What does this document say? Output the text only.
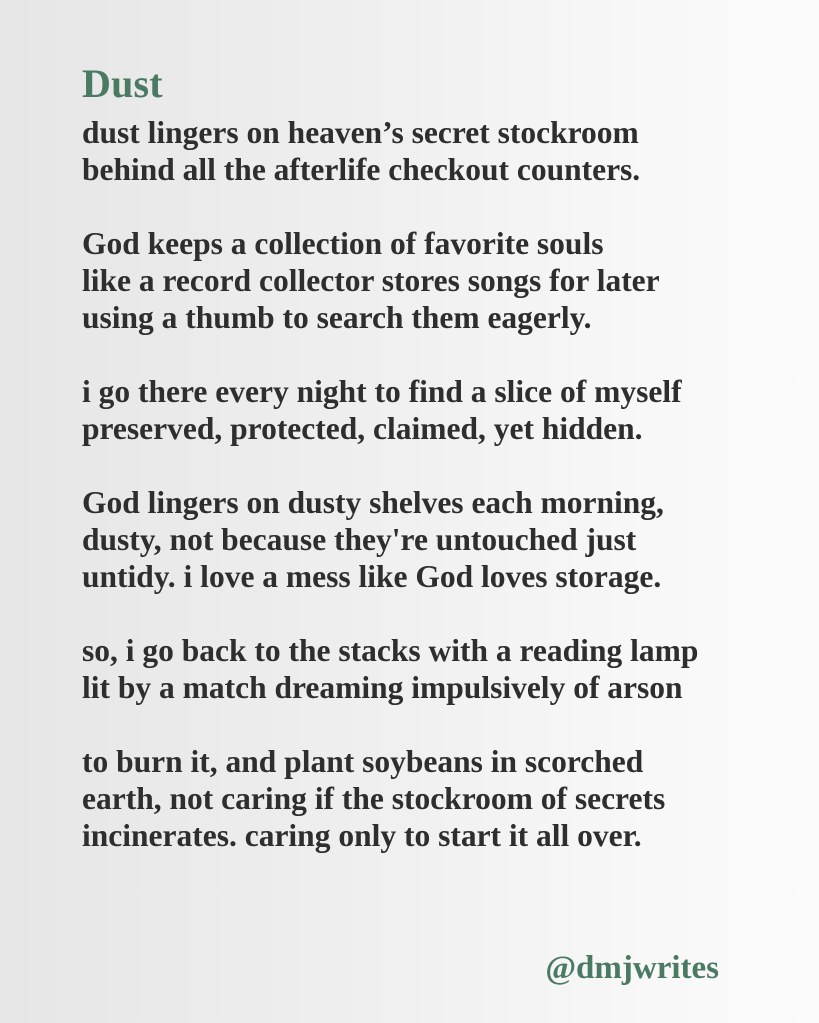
Dust

dust lingers on heaven’s secret stockroom
behind all the afterlife checkout counters.

God keeps a collection of favorite souls
like a record collector stores songs for later
using a thumb to search them eagerly.

i go there every night to find a slice of myself
preserved, protected, claimed, yet hidden.

God lingers on dusty shelves each morning,
dusty, not because they're untouched just
untidy. i love a mess like God loves storage.

so, i go back to the stacks with a reading lamp
lit by a match dreaming impulsively of arson

to burn it, and plant soybeans in scorched
earth, not caring if the stockroom of secrets
incinerates. caring only to start it all over.

@dmjwrites
